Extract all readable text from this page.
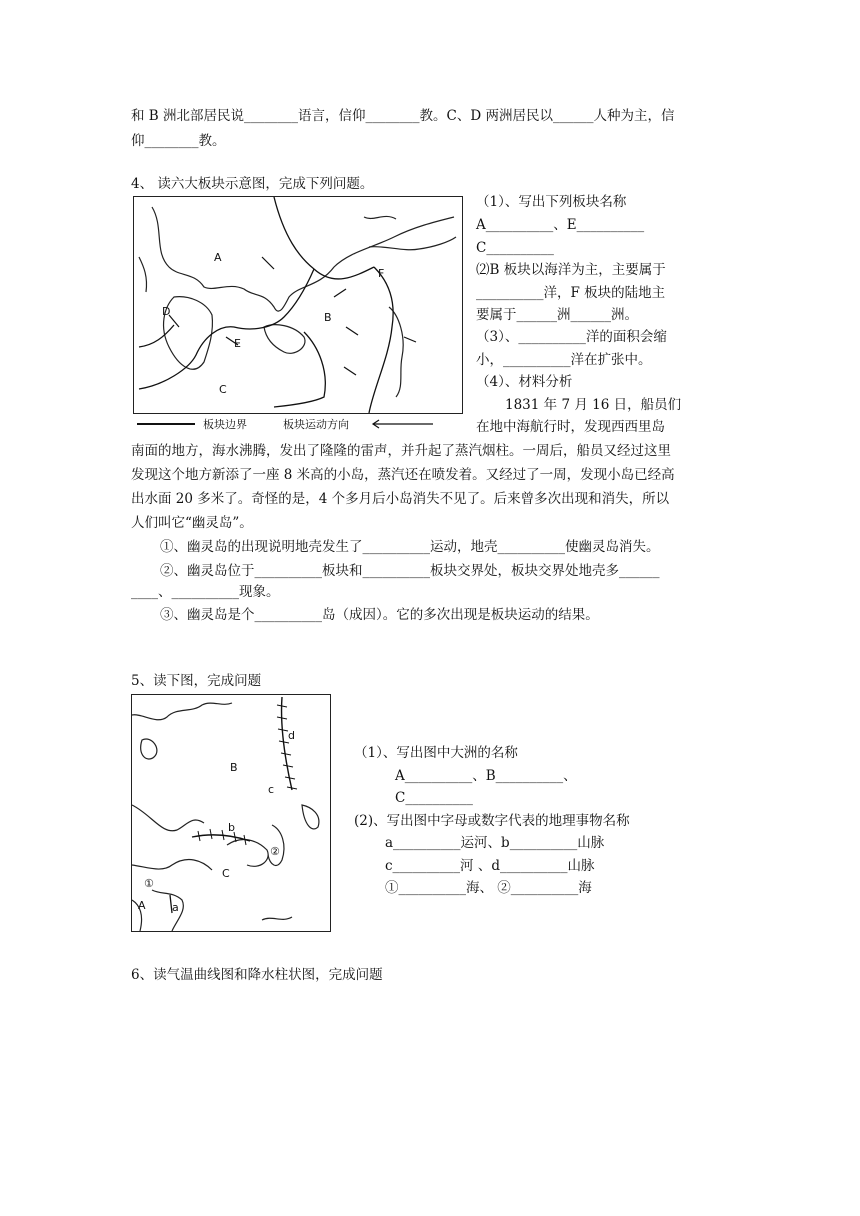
和 B 洲北部居民说________语言，信仰________教。C、D 两洲居民以______人种为主，信
仰________教。
4、 读六大板块示意图，完成下列问题。
A
B
C
D
E
F
板块边界	板块运动方向
（1）、写出下列板块名称
A__________、E__________
C__________
⑵B 板块以海洋为主，主要属于
__________洋，F 板块的陆地主
要属于______洲______洲。
（3）、__________洋的面积会缩
小，__________洋在扩张中。
（4）、材料分析
1831 年 7 月 16 日，船员们
在地中海航行时，发现西西里岛
南面的地方，海水沸腾，发出了隆隆的雷声，并升起了蒸汽烟柱。一周后，船员又经过这里
发现这个地方新添了一座 8 米高的小岛，蒸汽还在喷发着。又经过了一周，发现小岛已经高
出水面 20 多米了。奇怪的是，4 个多月后小岛消失不见了。后来曾多次出现和消失，所以
人们叫它“幽灵岛”。
①、幽灵岛的出现说明地壳发生了__________运动，地壳__________使幽灵岛消失。
②、幽灵岛位于__________板块和__________板块交界处，板块交界处地壳多______
____、__________现象。
③、幽灵岛是个__________岛（成因）。它的多次出现是板块运动的结果。
5、读下图，完成问题
B
C
A a
b
c
d
①
②
（1）、写出图中大洲的名称
A__________、B__________、
C__________
(2)、写出图中字母或数字代表的地理事物名称
a__________运河、b__________山脉
c__________河 、d__________山脉
①__________海、 ②__________海
6、读气温曲线图和降水柱状图，完成问题
